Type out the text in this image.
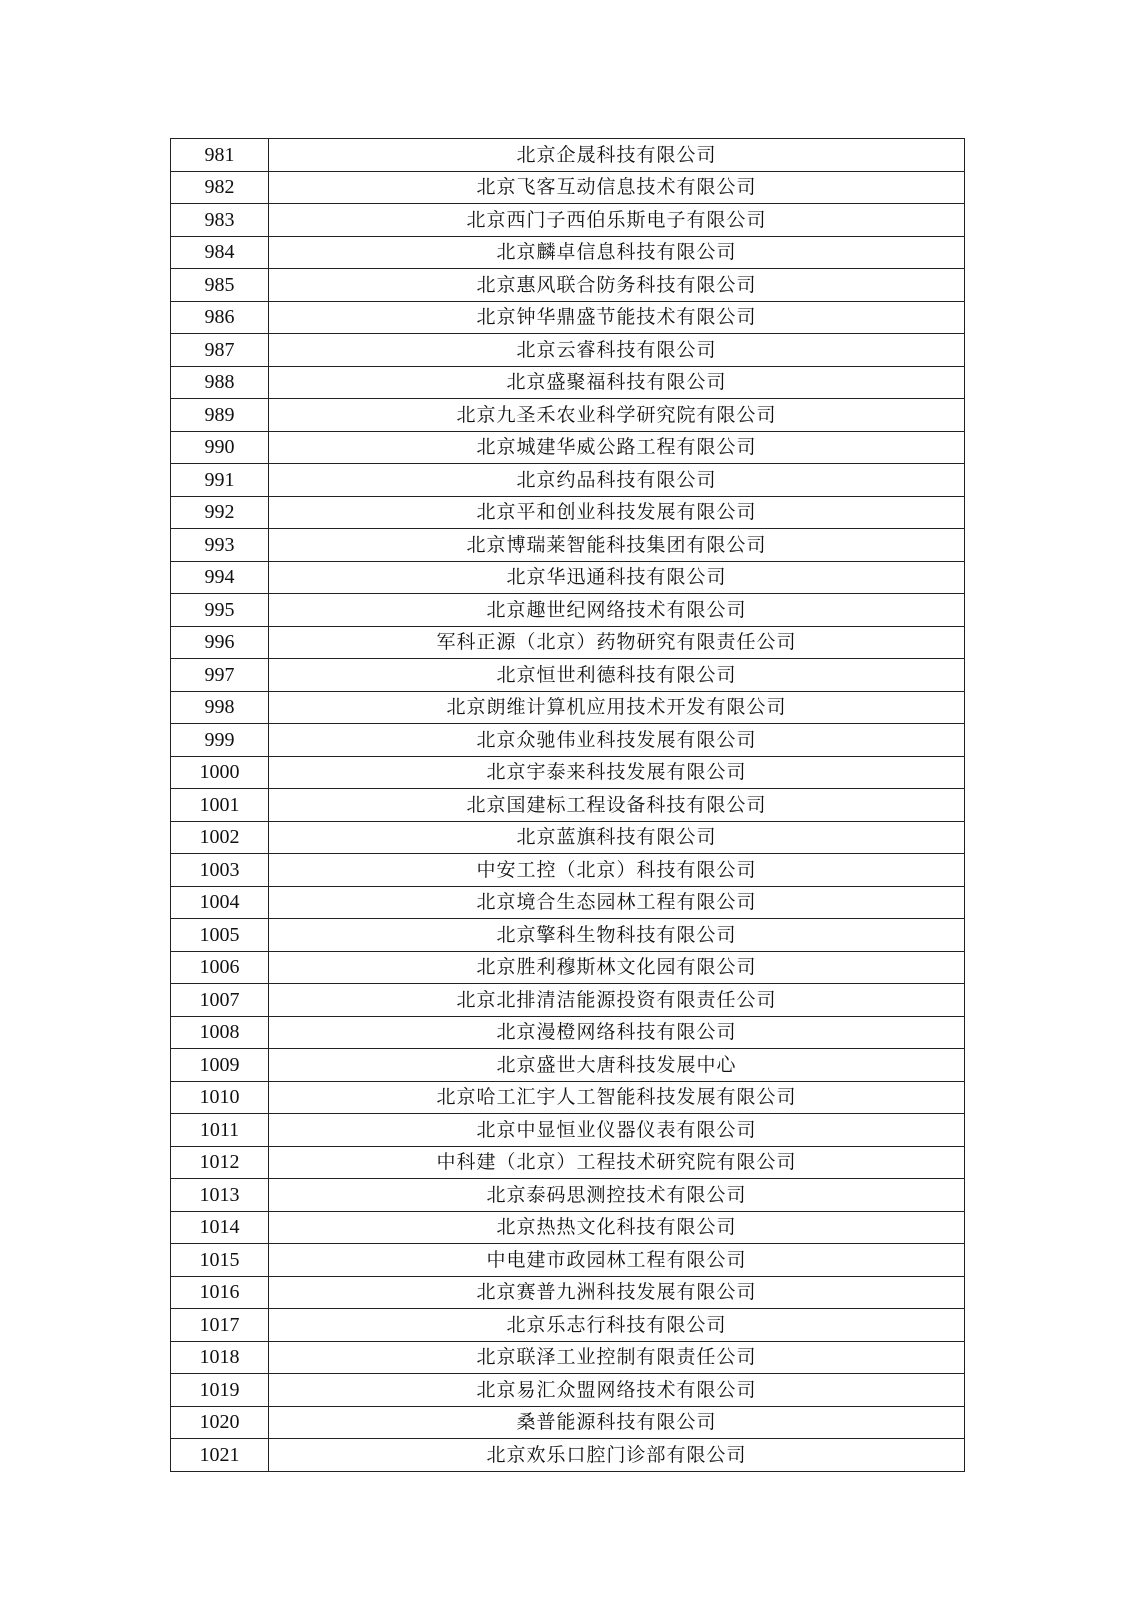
981	北京企晟科技有限公司
982	北京飞客互动信息技术有限公司
983	北京西门子西伯乐斯电子有限公司
984	北京麟卓信息科技有限公司
985	北京惠风联合防务科技有限公司
986	北京钟华鼎盛节能技术有限公司
987	北京云睿科技有限公司
988	北京盛聚福科技有限公司
989	北京九圣禾农业科学研究院有限公司
990	北京城建华威公路工程有限公司
991	北京约品科技有限公司
992	北京平和创业科技发展有限公司
993	北京博瑞莱智能科技集团有限公司
994	北京华迅通科技有限公司
995	北京趣世纪网络技术有限公司
996	军科正源（北京）药物研究有限责任公司
997	北京恒世利德科技有限公司
998	北京朗维计算机应用技术开发有限公司
999	北京众驰伟业科技发展有限公司
1000	北京宇泰来科技发展有限公司
1001	北京国建标工程设备科技有限公司
1002	北京蓝旗科技有限公司
1003	中安工控（北京）科技有限公司
1004	北京境合生态园林工程有限公司
1005	北京擎科生物科技有限公司
1006	北京胜利穆斯林文化园有限公司
1007	北京北排清洁能源投资有限责任公司
1008	北京漫橙网络科技有限公司
1009	北京盛世大唐科技发展中心
1010	北京哈工汇宇人工智能科技发展有限公司
1011	北京中显恒业仪器仪表有限公司
1012	中科建（北京）工程技术研究院有限公司
1013	北京泰码思测控技术有限公司
1014	北京热热文化科技有限公司
1015	中电建市政园林工程有限公司
1016	北京赛普九洲科技发展有限公司
1017	北京乐志行科技有限公司
1018	北京联泽工业控制有限责任公司
1019	北京易汇众盟网络技术有限公司
1020	桑普能源科技有限公司
1021	北京欢乐口腔门诊部有限公司
